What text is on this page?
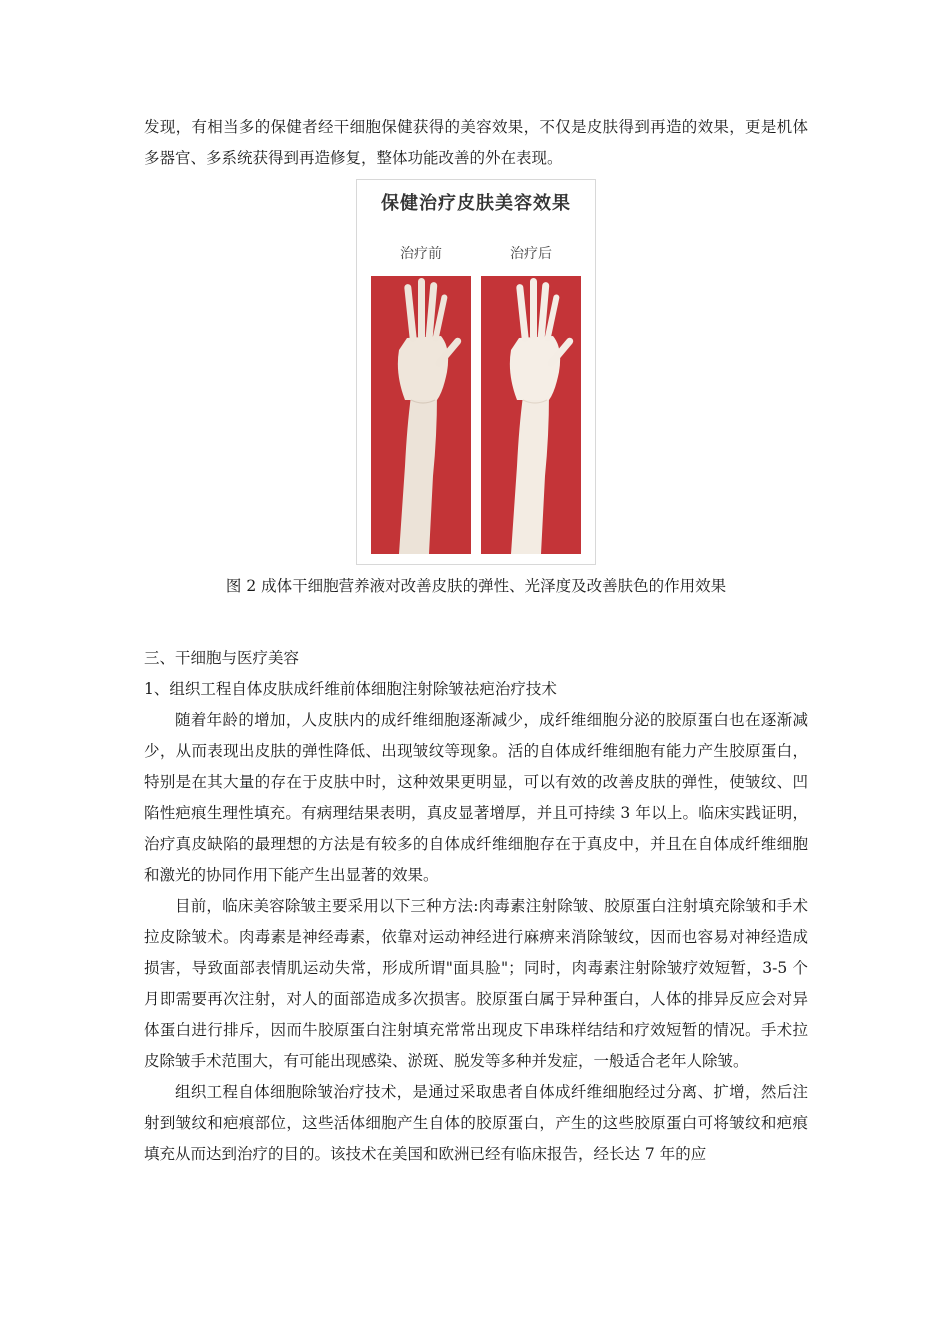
发现，有相当多的保健者经干细胞保健获得的美容效果，不仅是皮肤得到再造的效果，更是机体多器官、多系统获得到再造修复，整体功能改善的外在表现。

保健治疗皮肤美容效果
治疗前	治疗后
图 2 成体干细胞营养液对改善皮肤的弹性、光泽度及改善肤色的作用效果

三、干细胞与医疗美容

1、组织工程自体皮肤成纤维前体细胞注射除皱祛疤治疗技术

随着年龄的增加，人皮肤内的成纤维细胞逐渐减少，成纤维细胞分泌的胶原蛋白也在逐渐减少，从而表现出皮肤的弹性降低、出现皱纹等现象。活的自体成纤维细胞有能力产生胶原蛋白，特别是在其大量的存在于皮肤中时，这种效果更明显，可以有效的改善皮肤的弹性，使皱纹、凹陷性疤痕生理性填充。有病理结果表明，真皮显著增厚，并且可持续 3 年以上。临床实践证明，治疗真皮缺陷的最理想的方法是有较多的自体成纤维细胞存在于真皮中，并且在自体成纤维细胞和激光的协同作用下能产生出显著的效果。

目前，临床美容除皱主要采用以下三种方法:肉毒素注射除皱、胶原蛋白注射填充除皱和手术拉皮除皱术。肉毒素是神经毒素，依靠对运动神经进行麻痹来消除皱纹，因而也容易对神经造成损害，导致面部表情肌运动失常，形成所谓"面具脸"；同时，肉毒素注射除皱疗效短暂，3-5 个月即需要再次注射，对人的面部造成多次损害。胶原蛋白属于异种蛋白，人体的排异反应会对异体蛋白进行排斥，因而牛胶原蛋白注射填充常常出现皮下串珠样结结和疗效短暂的情况。手术拉皮除皱手术范围大，有可能出现感染、淤斑、脱发等多种并发症，一般适合老年人除皱。

组织工程自体细胞除皱治疗技术，是通过采取患者自体成纤维细胞经过分离、扩增，然后注射到皱纹和疤痕部位，这些活体细胞产生自体的胶原蛋白，产生的这些胶原蛋白可将皱纹和疤痕填充从而达到治疗的目的。该技术在美国和欧洲已经有临床报告，经长达 7 年的应
